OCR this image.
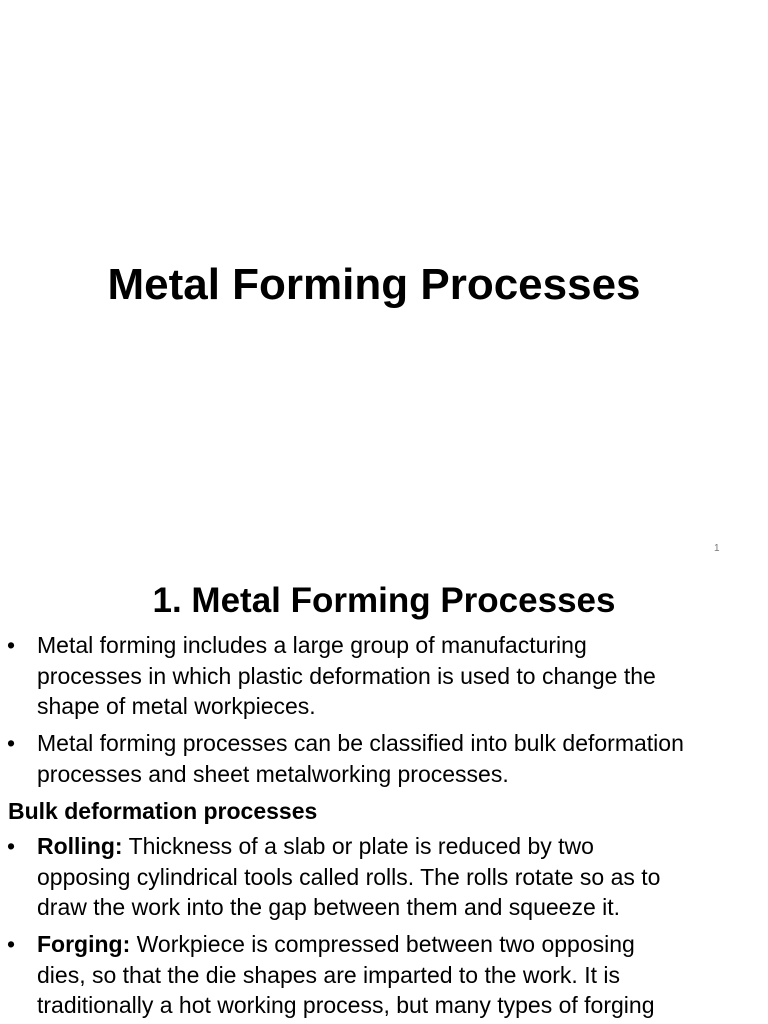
Metal Forming Processes
1
1. Metal Forming Processes
• Metal forming includes a large group of manufacturing
processes in which plastic deformation is used to change the
shape of metal workpieces.
• Metal forming processes can be classified into bulk deformation
processes and sheet metalworking processes.
Bulk deformation processes
• Rolling: Thickness of a slab or plate is reduced by two
opposing cylindrical tools called rolls. The rolls rotate so as to
draw the work into the gap between them and squeeze it.
• Forging: Workpiece is compressed between two opposing
dies, so that the die shapes are imparted to the work. It is
traditionally a hot working process, but many types of forging
